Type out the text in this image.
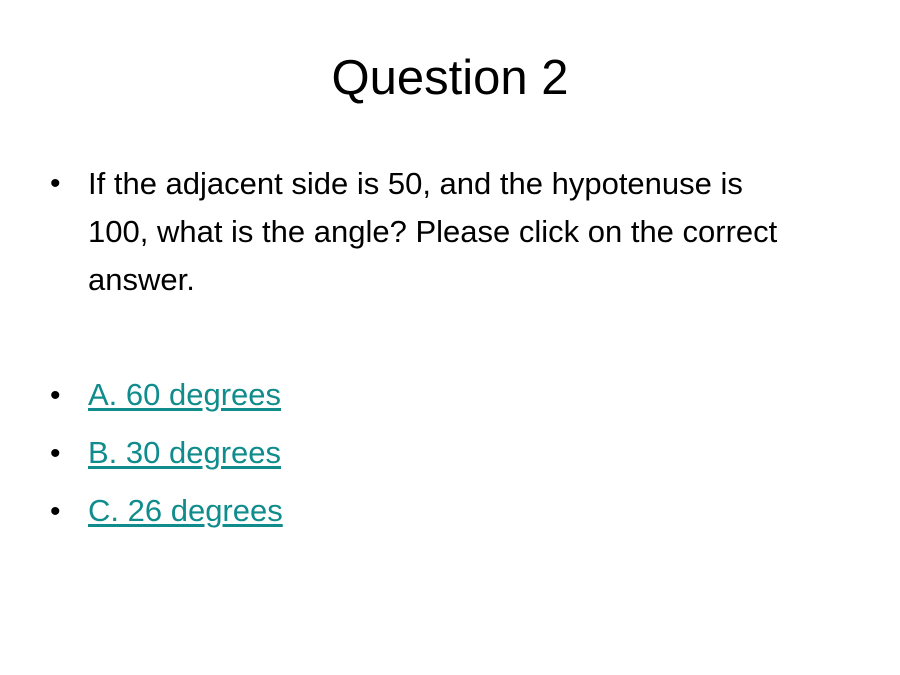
Question 2
• If the adjacent side is 50, and the hypotenuse is 100, what is the angle? Please click on the correct answer.
• A. 60 degrees
• B. 30 degrees
• C. 26 degrees
